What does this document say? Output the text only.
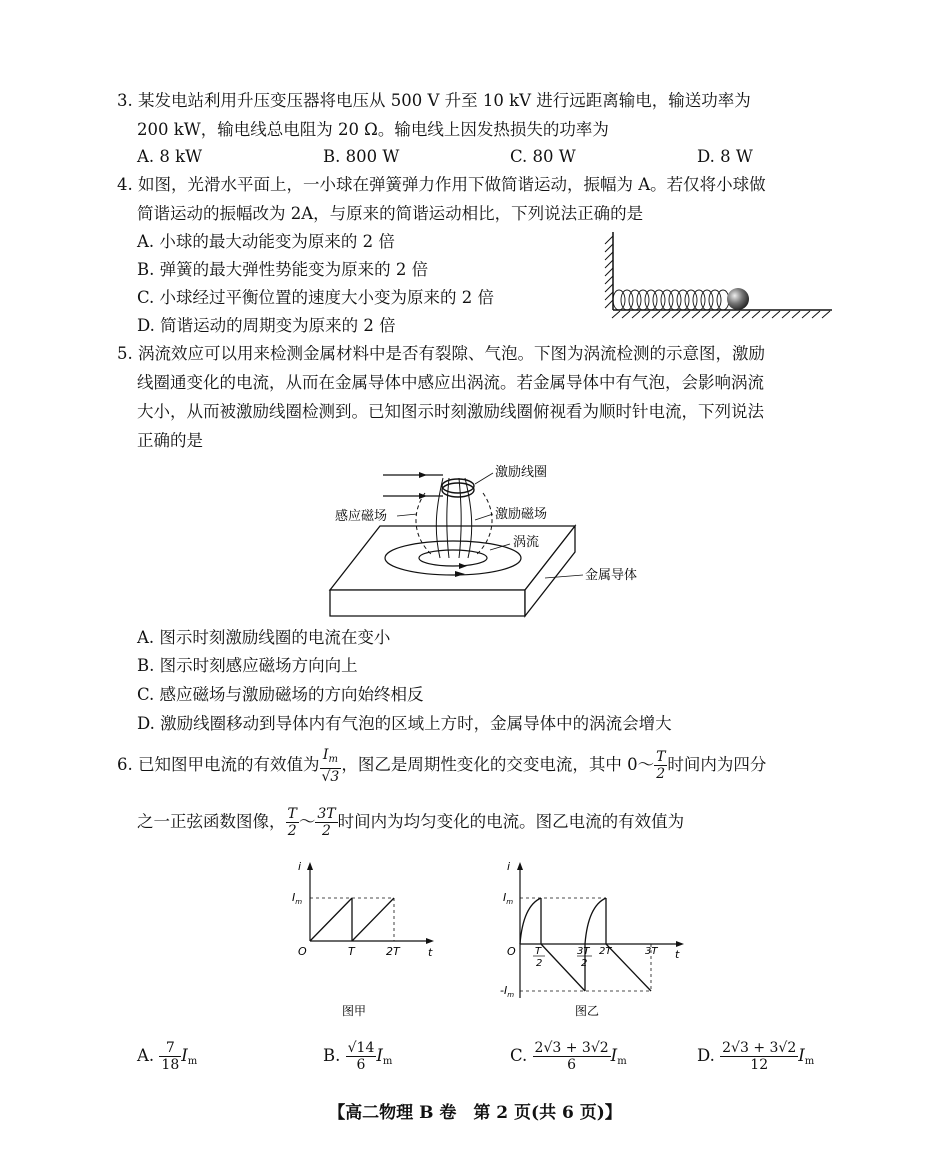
3. 某发电站利用升压变压器将电压从 500 V 升至 10 kV 进行远距离输电，输送功率为
200 kW，输电线总电阻为 20 Ω。输电线上因发热损失的功率为
A. 8 kW	B. 800 W	C. 80 W	D. 8 W
4. 如图，光滑水平面上，一小球在弹簧弹力作用下做简谐运动，振幅为 A。若仅将小球做
简谐运动的振幅改为 2A，与原来的简谐运动相比，下列说法正确的是
A. 小球的最大动能变为原来的 2 倍
B. 弹簧的最大弹性势能变为原来的 2 倍
C. 小球经过平衡位置的速度大小变为原来的 2 倍
D. 简谐运动的周期变为原来的 2 倍
5. 涡流效应可以用来检测金属材料中是否有裂隙、气泡。下图为涡流检测的示意图，激励
线圈通变化的电流，从而在金属导体中感应出涡流。若金属导体中有气泡，会影响涡流
大小，从而被激励线圈检测到。已知图示时刻激励线圈俯视看为顺时针电流，下列说法
正确的是
激励线圈
感应磁场	激励磁场
涡流
金属导体
A. 图示时刻激励线圈的电流在变小
B. 图示时刻感应磁场方向向上
C. 感应磁场与激励磁场的方向始终相反
D. 激励线圈移动到导体内有气泡的区域上方时，金属导体中的涡流会增大
6. 已知图甲电流的有效值为 $\frac{I_m}{√3}$ ，图乙是周期性变化的交变电流，其中 0～ $\frac{T}{2}$ 时间内为四分
之一正弦函数图像， $\frac{T}{2}$ ～ $\frac{3T}{2}$ 时间内为均匀变化的电流。图乙电流的有效值为
i
t
O
$I_m$
T	2T
图甲
i
t
O
$I_m$
$-I_m$
T
2
3T
2
2T	3T
图乙
A. $\frac{7}{18} I_m$	B. $\frac{√14}{6} I_m$	C. $\frac{2√3 + 3√2}{6} I_m$	D. $\frac{2√3 + 3√2}{12} I_m$
【高二物理 B 卷　第 2 页(共 6 页)】
